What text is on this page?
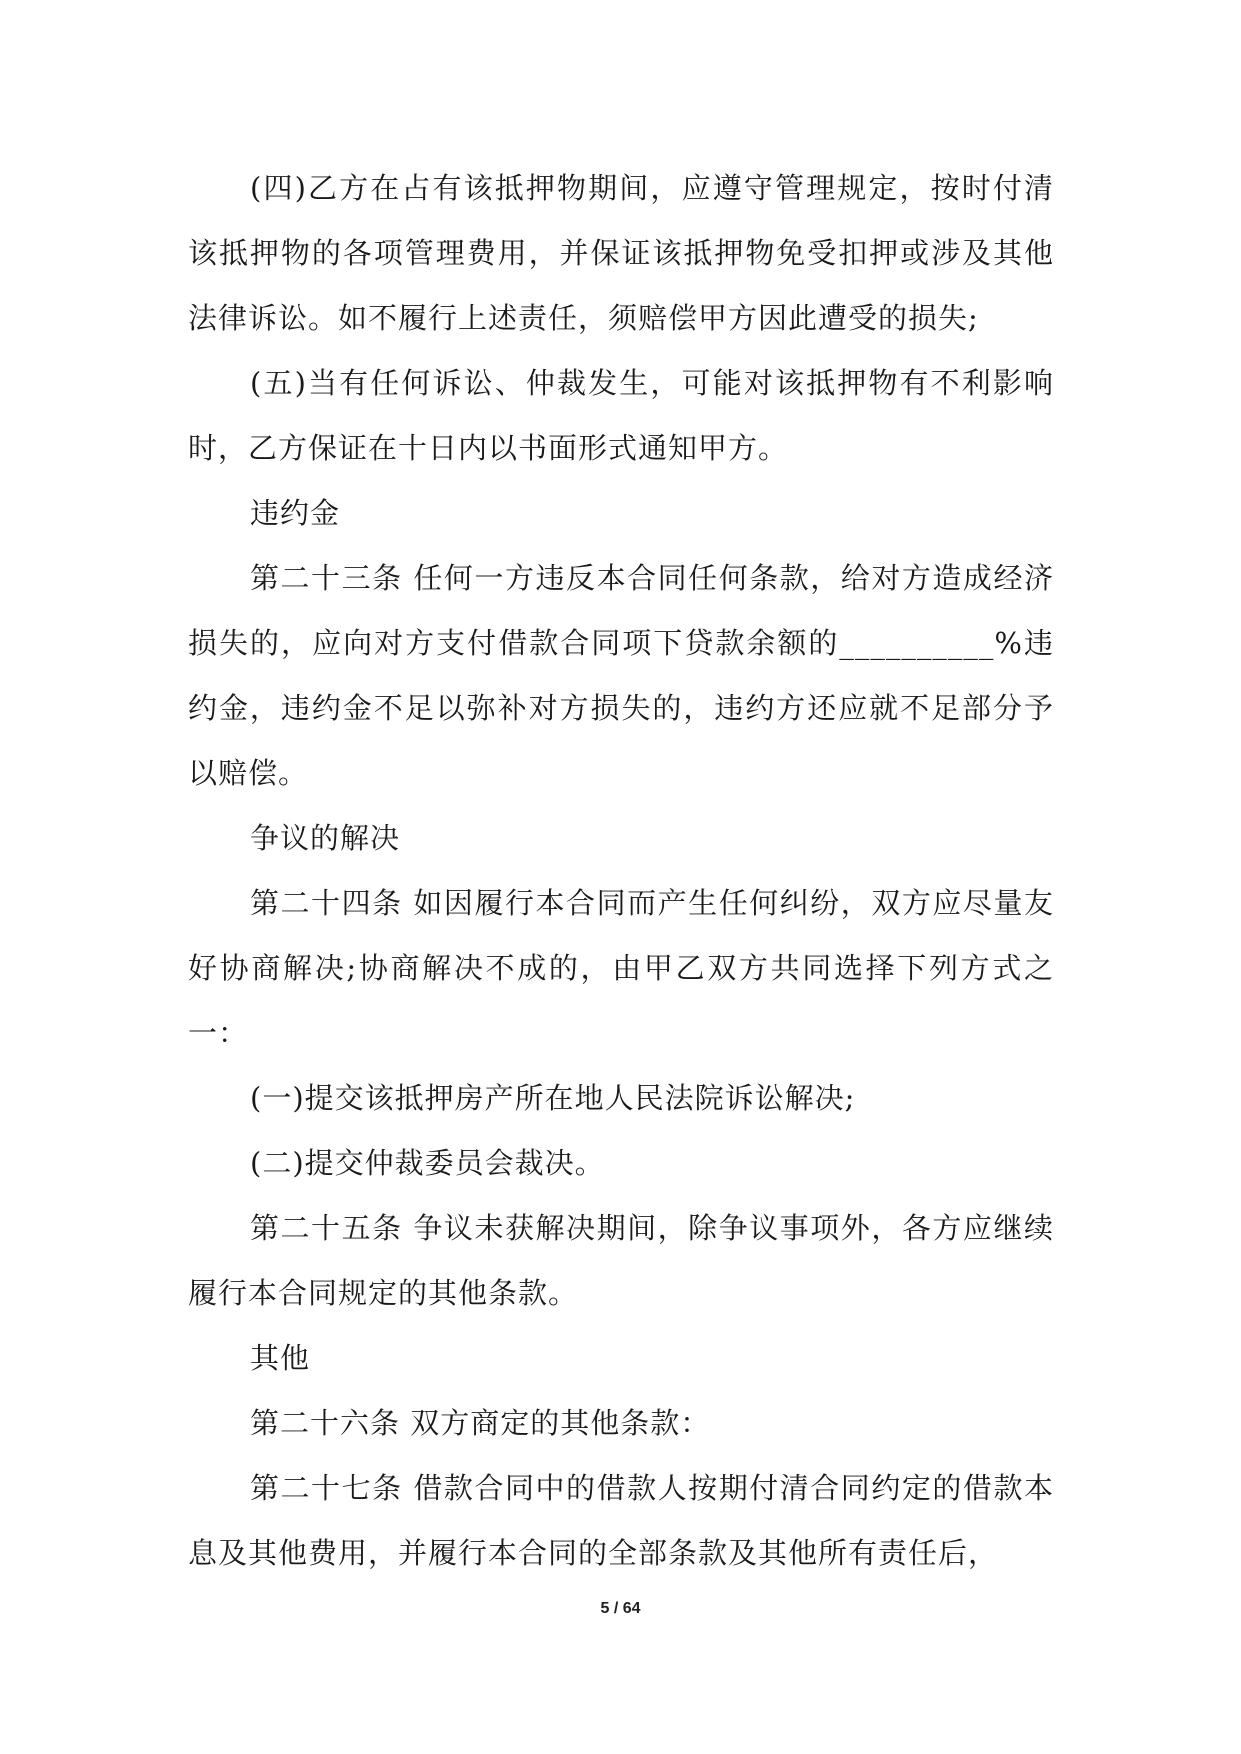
(四)乙方在占有该抵押物期间，应遵守管理规定，按时付清该抵押物的各项管理费用，并保证该抵押物免受扣押或涉及其他法律诉讼。如不履行上述责任，须赔偿甲方因此遭受的损失;

(五)当有任何诉讼、仲裁发生，可能对该抵押物有不利影响时，乙方保证在十日内以书面形式通知甲方。

违约金

第二十三条 任何一方违反本合同任何条款，给对方造成经济损失的，应向对方支付借款合同项下贷款余额的__________%违约金，违约金不足以弥补对方损失的，违约方还应就不足部分予以赔偿。

争议的解决

第二十四条 如因履行本合同而产生任何纠纷，双方应尽量友好协商解决;协商解决不成的，由甲乙双方共同选择下列方式之一：

(一)提交该抵押房产所在地人民法院诉讼解决;

(二)提交仲裁委员会裁决。

第二十五条 争议未获解决期间，除争议事项外，各方应继续履行本合同规定的其他条款。

其他

第二十六条 双方商定的其他条款：

第二十七条 借款合同中的借款人按期付清合同约定的借款本息及其他费用，并履行本合同的全部条款及其他所有责任后，

5 / 64
